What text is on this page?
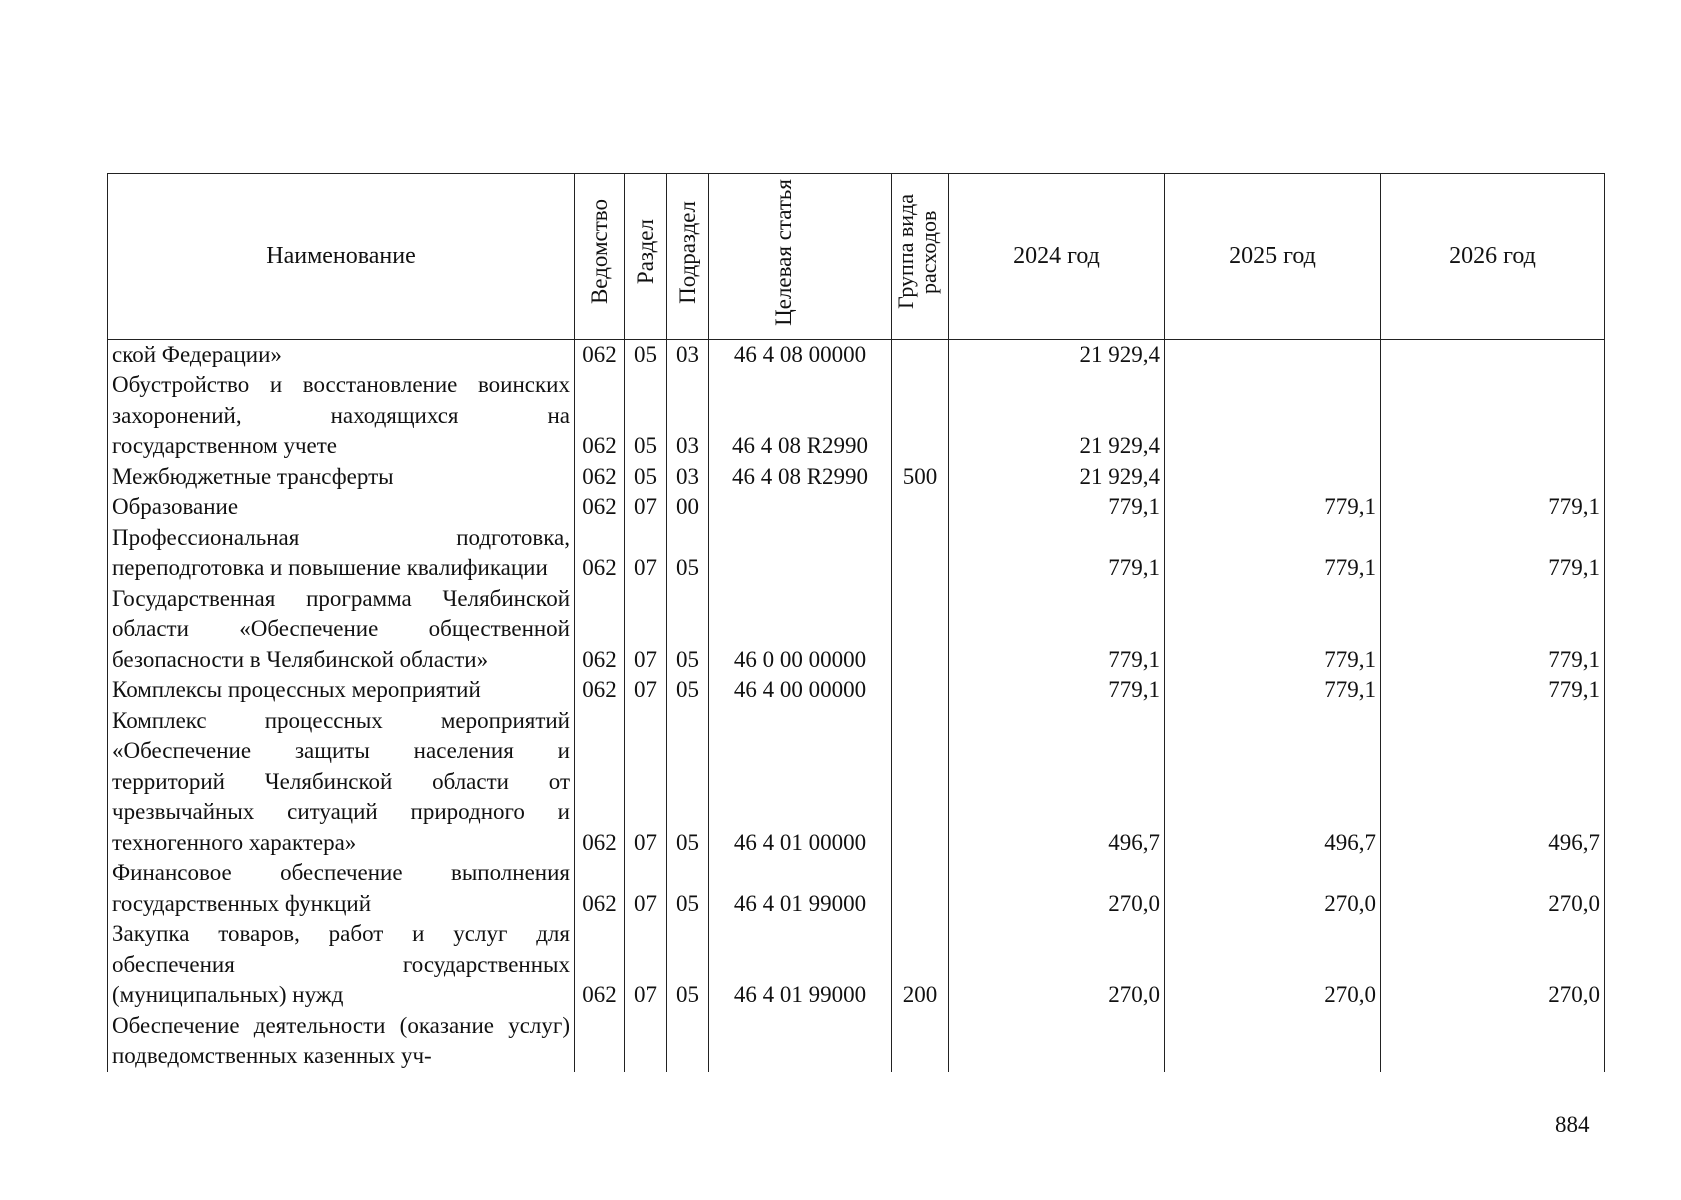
Наименование	Ведомство	Раздел	Подраздел	Целевая статья	Группа вида расходов	2024 год	2025 год	2026 год
ской Федерации»	062	05	03	46 4 08 00000		21 929,4		
Обустройство и восстановление воинских захоронений, находящихся на государственном учете	062	05	03	46 4 08 R2990		21 929,4		
Межбюджетные трансферты	062	05	03	46 4 08 R2990	500	21 929,4		
Образование	062	07	00			779,1	779,1	779,1
Профессиональная подготовка, переподготовка и повышение квалификации	062	07	05			779,1	779,1	779,1
Государственная программа Челябинской области «Обеспечение общественной безопасности в Челябинской области»	062	07	05	46 0 00 00000		779,1	779,1	779,1
Комплексы процессных мероприятий	062	07	05	46 4 00 00000		779,1	779,1	779,1
Комплекс процессных мероприятий «Обеспечение защиты населения и территорий Челябинской области от чрезвычайных ситуаций природного и техногенного характера»	062	07	05	46 4 01 00000		496,7	496,7	496,7
Финансовое обеспечение выполнения государственных функций	062	07	05	46 4 01 99000		270,0	270,0	270,0
Закупка товаров, работ и услуг для обеспечения государственных (муниципальных) нужд	062	07	05	46 4 01 99000	200	270,0	270,0	270,0
Обеспечение деятельности (оказание услуг) подведомственных казенных уч-								
884
